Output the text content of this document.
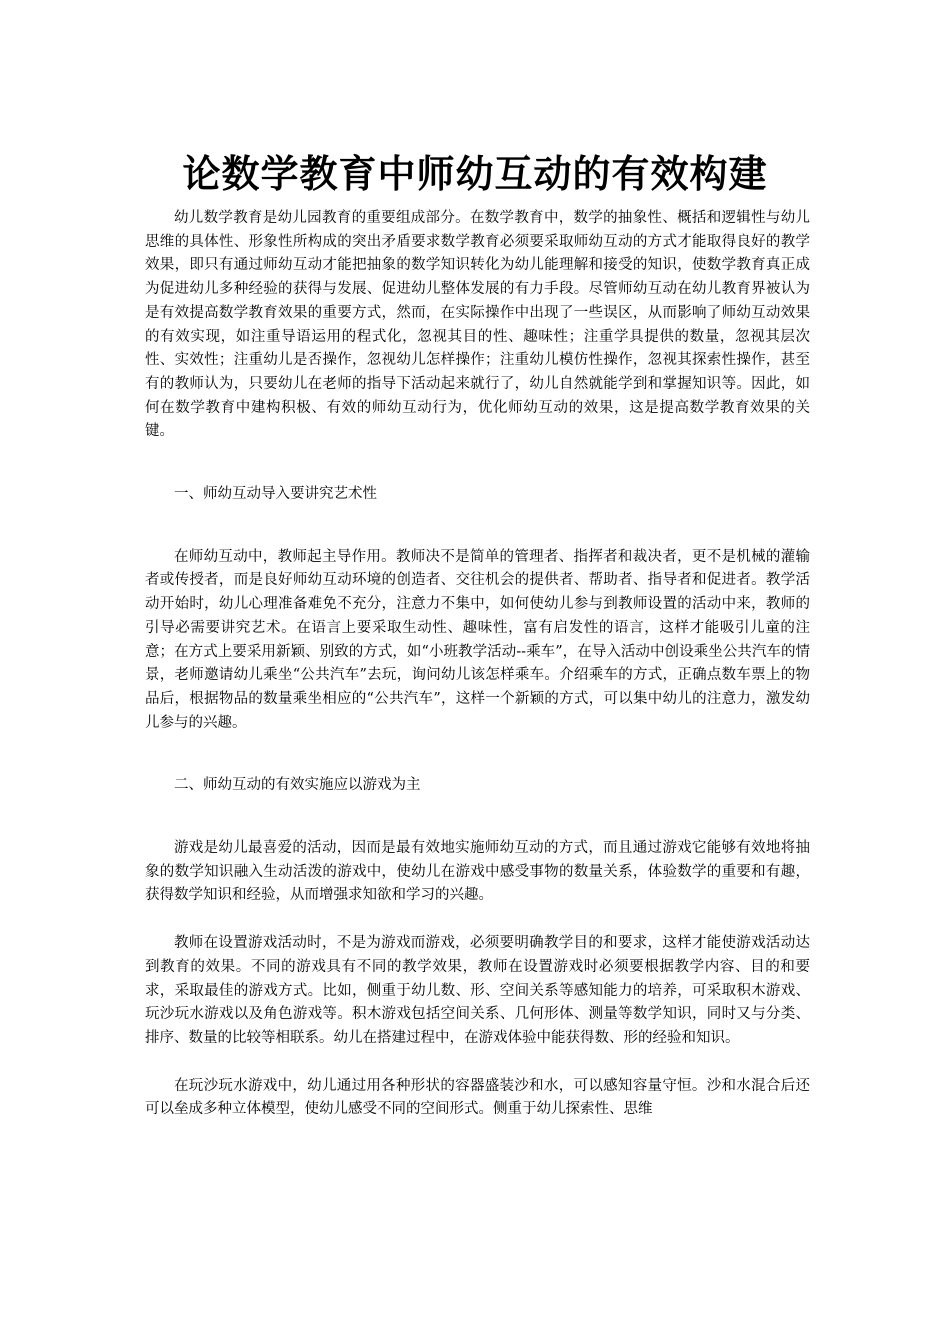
论数学教育中师幼互动的有效构建

幼儿数学教育是幼儿园教育的重要组成部分。在数学教育中，数学的抽象性、概括和逻辑性与幼儿思维的具体性、形象性所构成的突出矛盾要求数学教育必须要采取师幼互动的方式才能取得良好的教学效果，即只有通过师幼互动才能把抽象的数学知识转化为幼儿能理解和接受的知识，使数学教育真正成为促进幼儿多种经验的获得与发展、促进幼儿整体发展的有力手段。尽管师幼互动在幼儿教育界被认为是有效提高数学教育效果的重要方式，然而，在实际操作中出现了一些误区，从而影响了师幼互动效果的有效实现，如注重导语运用的程式化，忽视其目的性、趣味性；注重学具提供的数量，忽视其层次性、实效性；注重幼儿是否操作，忽视幼儿怎样操作；注重幼儿模仿性操作，忽视其探索性操作，甚至有的教师认为，只要幼儿在老师的指导下活动起来就行了，幼儿自然就能学到和掌握知识等。因此，如何在数学教育中建构积极、有效的师幼互动行为，优化师幼互动的效果，这是提高数学教育效果的关键。

一、师幼互动导入要讲究艺术性

在师幼互动中，教师起主导作用。教师决不是简单的管理者、指挥者和裁决者，更不是机械的灌输者或传授者，而是良好师幼互动环境的创造者、交往机会的提供者、帮助者、指导者和促进者。教学活动开始时，幼儿心理准备难免不充分，注意力不集中，如何使幼儿参与到教师设置的活动中来，教师的引导必需要讲究艺术。在语言上要采取生动性、趣味性，富有启发性的语言，这样才能吸引儿童的注意；在方式上要采用新颖、别致的方式，如“小班教学活动--乘车”，在导入活动中创设乘坐公共汽车的情景，老师邀请幼儿乘坐“公共汽车”去玩，询问幼儿该怎样乘车。介绍乘车的方式，正确点数车票上的物品后，根据物品的数量乘坐相应的“公共汽车”，这样一个新颖的方式，可以集中幼儿的注意力，激发幼儿参与的兴趣。

二、师幼互动的有效实施应以游戏为主

游戏是幼儿最喜爱的活动，因而是最有效地实施师幼互动的方式，而且通过游戏它能够有效地将抽象的数学知识融入生动活泼的游戏中，使幼儿在游戏中感受事物的数量关系，体验数学的重要和有趣，获得数学知识和经验，从而增强求知欲和学习的兴趣。

教师在设置游戏活动时，不是为游戏而游戏，必须要明确教学目的和要求，这样才能使游戏活动达到教育的效果。不同的游戏具有不同的教学效果，教师在设置游戏时必须要根据教学内容、目的和要求，采取最佳的游戏方式。比如，侧重于幼儿数、形、空间关系等感知能力的培养，可采取积木游戏、玩沙玩水游戏以及角色游戏等。积木游戏包括空间关系、几何形体、测量等数学知识，同时又与分类、排序、数量的比较等相联系。幼儿在搭建过程中，在游戏体验中能获得数、形的经验和知识。

在玩沙玩水游戏中，幼儿通过用各种形状的容器盛装沙和水，可以感知容量守恒。沙和水混合后还可以垒成多种立体模型，使幼儿感受不同的空间形式。侧重于幼儿探索性、思维
